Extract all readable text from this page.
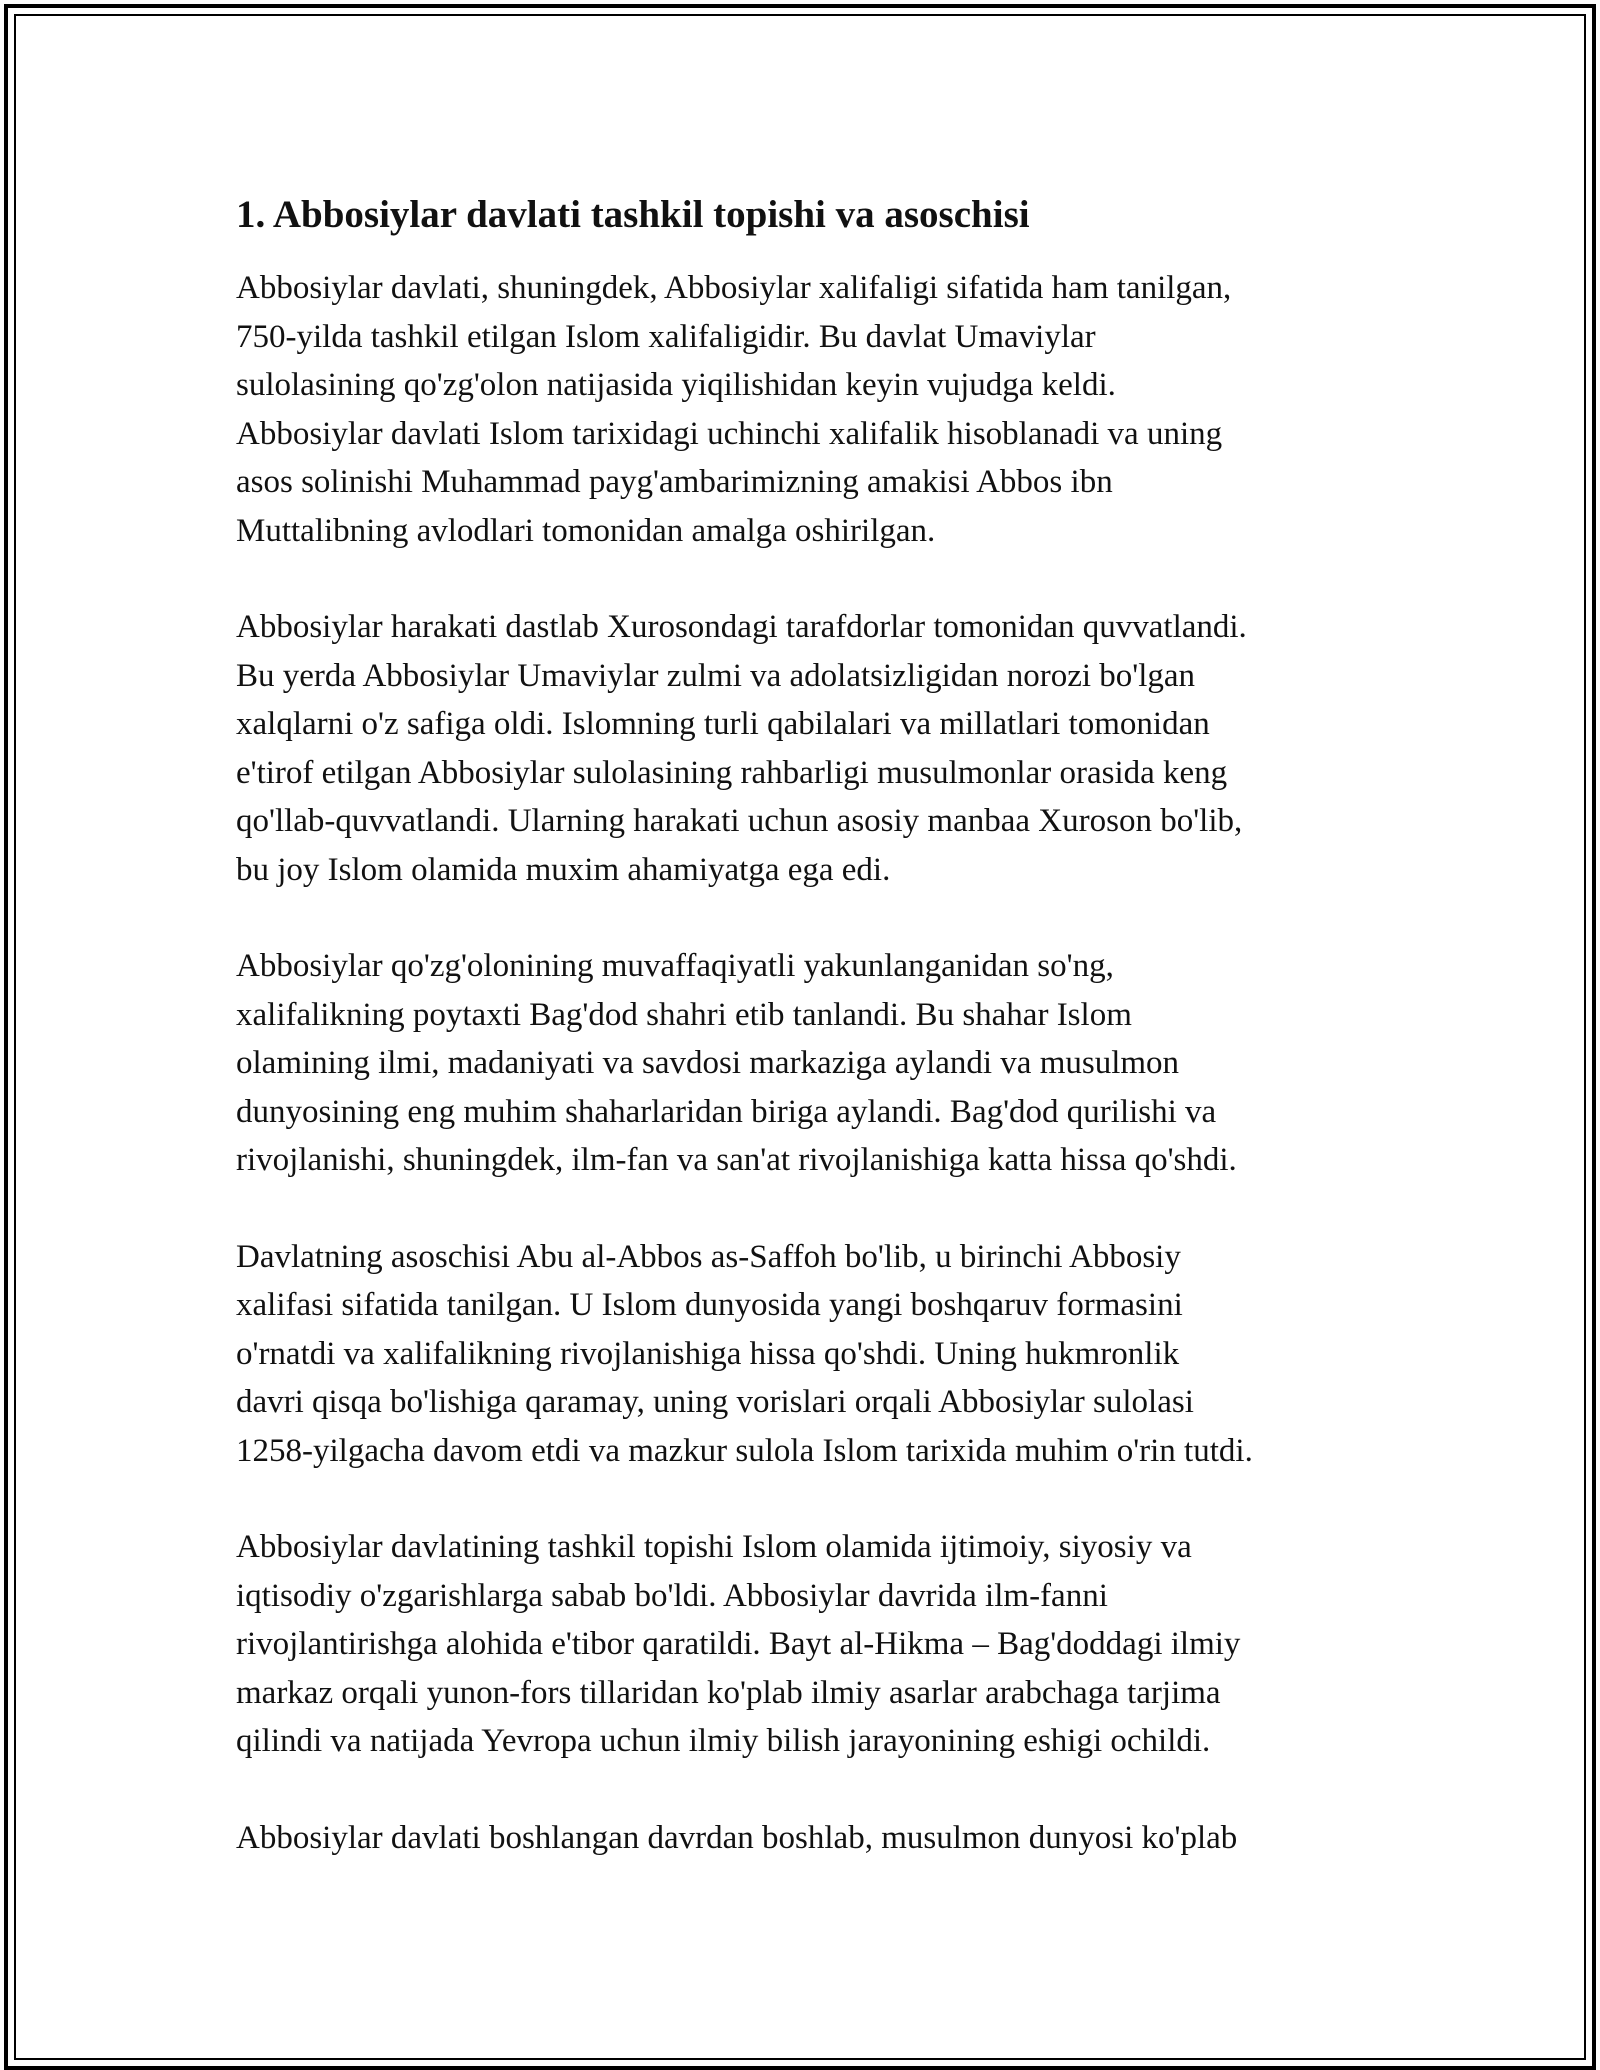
1. Abbosiylar davlati tashkil topishi va asoschisi

Abbosiylar davlati, shuningdek, Abbosiylar xalifaligi sifatida ham tanilgan,
750-yilda tashkil etilgan Islom xalifaligidir. Bu davlat Umaviylar
sulolasining qo'zg'olon natijasida yiqilishidan keyin vujudga keldi.
Abbosiylar davlati Islom tarixidagi uchinchi xalifalik hisoblanadi va uning
asos solinishi Muhammad payg'ambarimizning amakisi Abbos ibn
Muttalibning avlodlari tomonidan amalga oshirilgan.

Abbosiylar harakati dastlab Xurosondagi tarafdorlar tomonidan quvvatlandi.
Bu yerda Abbosiylar Umaviylar zulmi va adolatsizligidan norozi bo'lgan
xalqlarni o'z safiga oldi. Islomning turli qabilalari va millatlari tomonidan
e'tirof etilgan Abbosiylar sulolasining rahbarligi musulmonlar orasida keng
qo'llab-quvvatlandi. Ularning harakati uchun asosiy manbaa Xuroson bo'lib,
bu joy Islom olamida muxim ahamiyatga ega edi.

Abbosiylar qo'zg'olonining muvaffaqiyatli yakunlanganidan so'ng,
xalifalikning poytaxti Bag'dod shahri etib tanlandi. Bu shahar Islom
olamining ilmi, madaniyati va savdosi markaziga aylandi va musulmon
dunyosining eng muhim shaharlaridan biriga aylandi. Bag'dod qurilishi va
rivojlanishi, shuningdek, ilm-fan va san'at rivojlanishiga katta hissa qo'shdi.

Davlatning asoschisi Abu al-Abbos as-Saffoh bo'lib, u birinchi Abbosiy
xalifasi sifatida tanilgan. U Islom dunyosida yangi boshqaruv formasini
o'rnatdi va xalifalikning rivojlanishiga hissa qo'shdi. Uning hukmronlik
davri qisqa bo'lishiga qaramay, uning vorislari orqali Abbosiylar sulolasi
1258-yilgacha davom etdi va mazkur sulola Islom tarixida muhim o'rin tutdi.

Abbosiylar davlatining tashkil topishi Islom olamida ijtimoiy, siyosiy va
iqtisodiy o'zgarishlarga sabab bo'ldi. Abbosiylar davrida ilm-fanni
rivojlantirishga alohida e'tibor qaratildi. Bayt al-Hikma – Bag'doddagi ilmiy
markaz orqali yunon-fors tillaridan ko'plab ilmiy asarlar arabchaga tarjima
qilindi va natijada Yevropa uchun ilmiy bilish jarayonining eshigi ochildi.

Abbosiylar davlati boshlangan davrdan boshlab, musulmon dunyosi ko'plab
